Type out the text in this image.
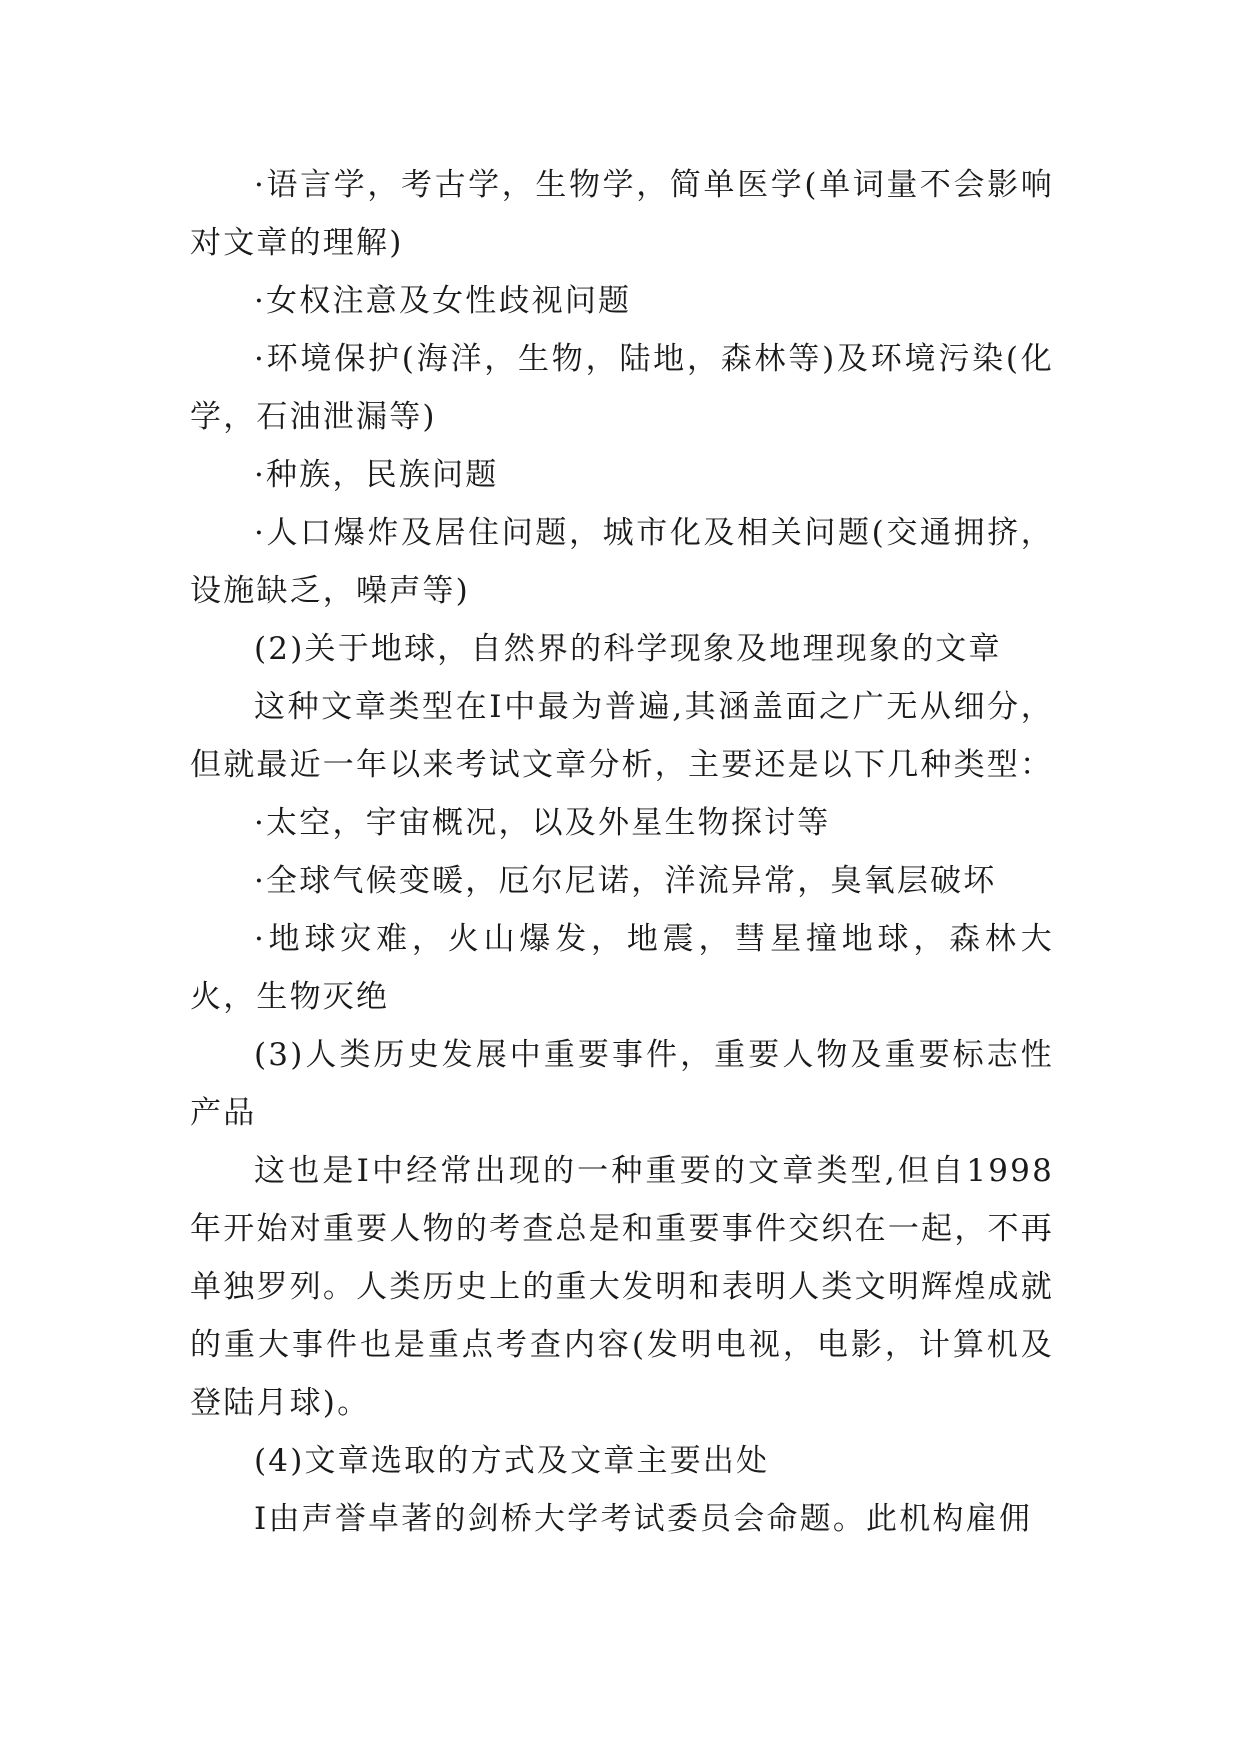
·语言学，考古学，生物学，简单医学(单词量不会影响对文章的理解)

·女权注意及女性歧视问题

·环境保护(海洋，生物，陆地，森林等)及环境污染(化学，石油泄漏等)

·种族，民族问题

·人口爆炸及居住问题，城市化及相关问题(交通拥挤，设施缺乏，噪声等)

(2)关于地球，自然界的科学现象及地理现象的文章

这种文章类型在Ⅰ中最为普遍,其涵盖面之广无从细分，但就最近一年以来考试文章分析，主要还是以下几种类型：

·太空，宇宙概况，以及外星生物探讨等

·全球气候变暖，厄尔尼诺，洋流异常，臭氧层破坏

·地球灾难，火山爆发，地震，彗星撞地球，森林大火，生物灭绝

(3)人类历史发展中重要事件，重要人物及重要标志性产品

这也是Ⅰ中经常出现的一种重要的文章类型,但自1998年开始对重要人物的考查总是和重要事件交织在一起，不再单独罗列。人类历史上的重大发明和表明人类文明辉煌成就的重大事件也是重点考查内容(发明电视，电影，计算机及登陆月球)。

(4)文章选取的方式及文章主要出处

Ⅰ由声誉卓著的剑桥大学考试委员会命题。此机构雇佣
